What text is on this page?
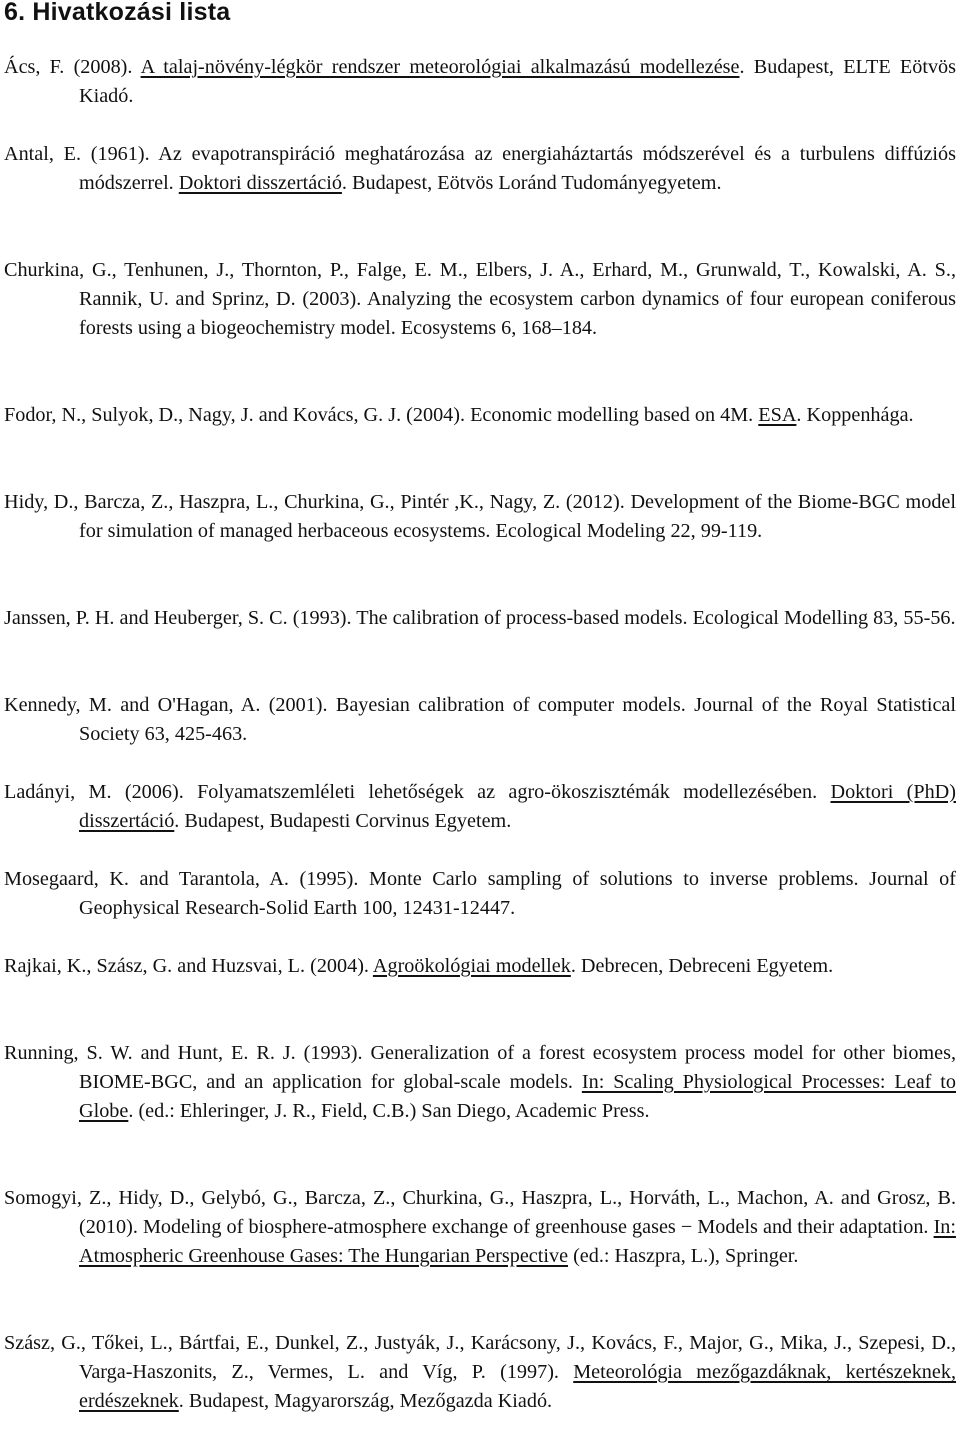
6. Hivatkozási lista
Ács, F. (2008). A talaj-növény-légkör rendszer meteorológiai alkalmazású modellezése. Budapest, ELTE Eötvös Kiadó.
Antal, E. (1961). Az evapotranspiráció meghatározása az energiaháztartás módszerével és a turbulens diffúziós módszerrel. Doktori disszertáció. Budapest, Eötvös Loránd Tudományegyetem.
Churkina, G., Tenhunen, J., Thornton, P., Falge, E. M., Elbers, J. A., Erhard, M., Grunwald, T., Kowalski, A. S., Rannik, U. and Sprinz, D. (2003). Analyzing the ecosystem carbon dynamics of four european coniferous forests using a biogeochemistry model. Ecosystems 6, 168–184.
Fodor, N., Sulyok, D., Nagy, J. and Kovács, G. J. (2004). Economic modelling based on 4M. ESA. Koppenhága.
Hidy, D., Barcza, Z., Haszpra, L., Churkina, G., Pintér ,K., Nagy, Z. (2012). Development of the Biome-BGC model for simulation of managed herbaceous ecosystems. Ecological Modeling 22, 99-119.
Janssen, P. H. and Heuberger, S. C. (1993). The calibration of process-based models. Ecological Modelling 83, 55-56.
Kennedy, M. and O'Hagan, A. (2001). Bayesian calibration of computer models. Journal of the Royal Statistical Society 63, 425-463.
Ladányi, M. (2006). Folyamatszemléleti lehetőségek az agro-ökoszisztémák modellezésében. Doktori (PhD) disszertáció. Budapest, Budapesti Corvinus Egyetem.
Mosegaard, K. and Tarantola, A. (1995). Monte Carlo sampling of solutions to inverse problems. Journal of Geophysical Research-Solid Earth 100, 12431-12447.
Rajkai, K., Szász, G. and Huzsvai, L. (2004). Agroökológiai modellek. Debrecen, Debreceni Egyetem.
Running, S. W. and Hunt, E. R. J. (1993). Generalization of a forest ecosystem process model for other biomes, BIOME-BGC, and an application for global-scale models. In: Scaling Physiological Processes: Leaf to Globe. (ed.: Ehleringer, J. R., Field, C.B.) San Diego, Academic Press.
Somogyi, Z., Hidy, D., Gelybó, G., Barcza, Z., Churkina, G., Haszpra, L., Horváth, L., Machon, A. and Grosz, B. (2010). Modeling of biosphere-atmosphere exchange of greenhouse gases − Models and their adaptation. In: Atmospheric Greenhouse Gases: The Hungarian Perspective (ed.: Haszpra, L.), Springer.
Szász, G., Tőkei, L., Bártfai, E., Dunkel, Z., Justyák, J., Karácsony, J., Kovács, F., Major, G., Mika, J., Szepesi, D., Varga-Haszonits, Z., Vermes, L. and Víg, P. (1997). Meteorológia mezőgazdáknak, kertészeknek, erdészeknek. Budapest, Magyarország, Mezőgazda Kiadó.
